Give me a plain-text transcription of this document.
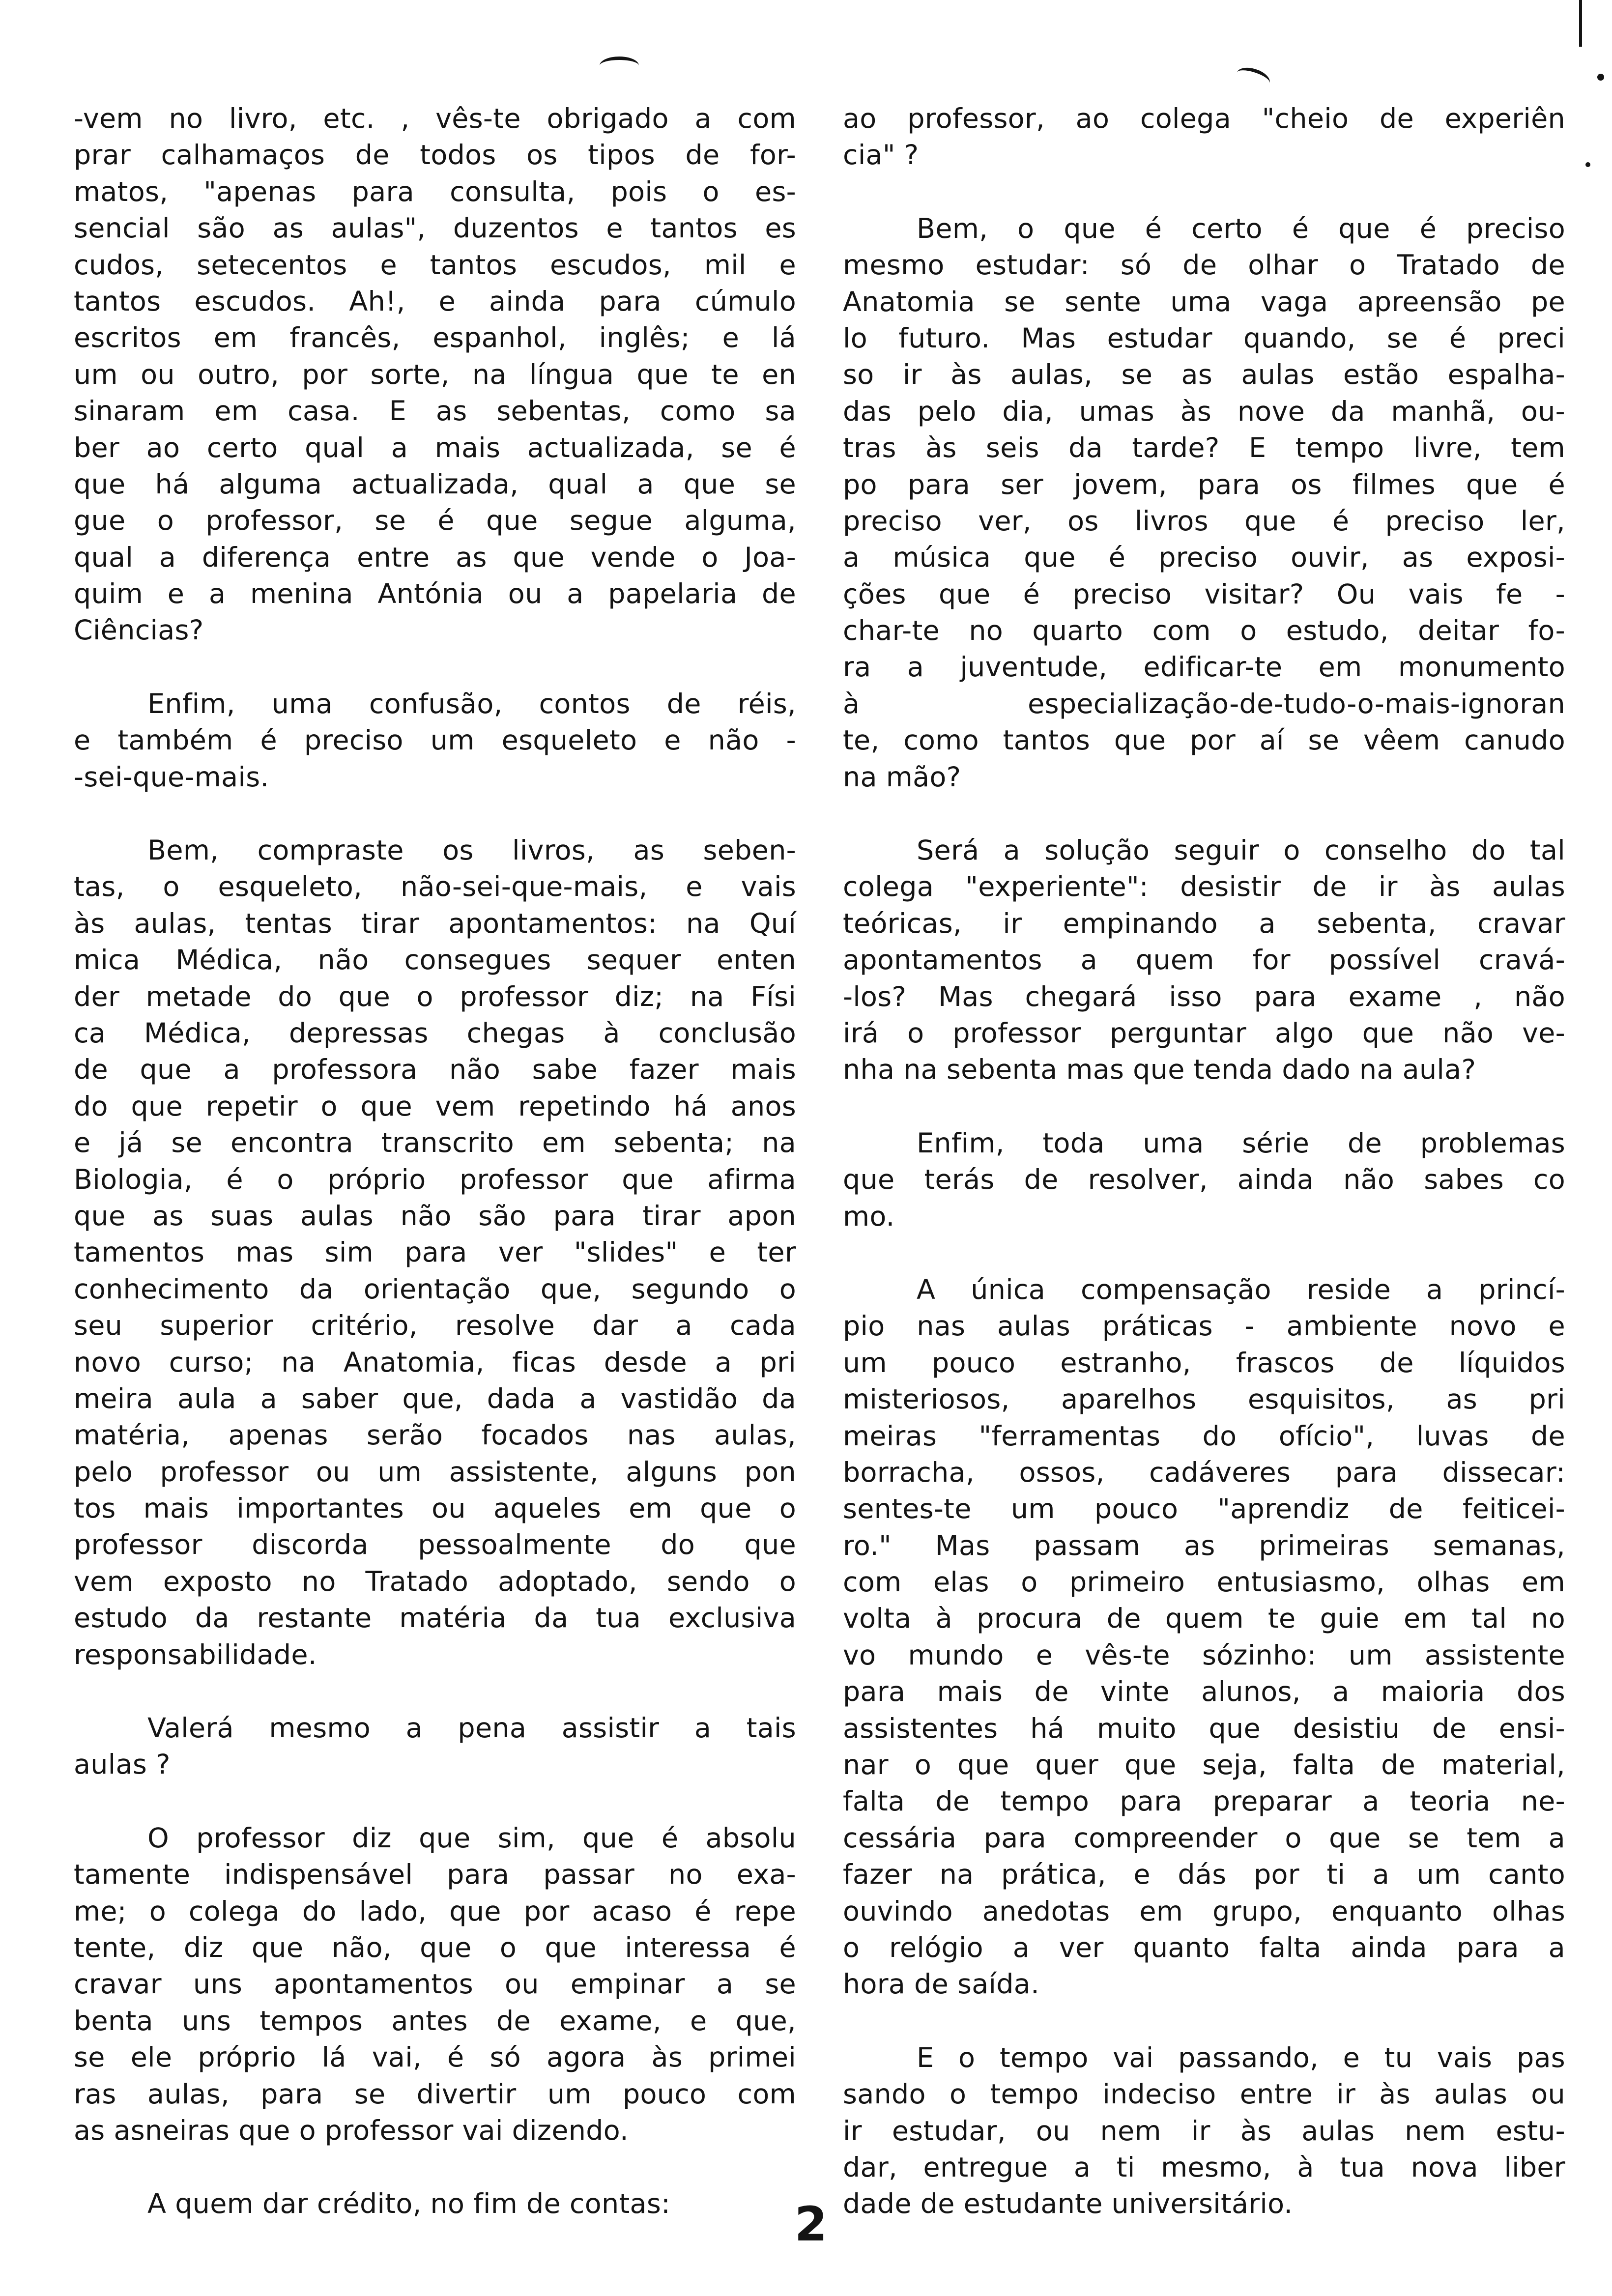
-vem no livro, etc. , vês-te obrigado a com
prar calhamaços de todos os tipos de for-
matos, "apenas para consulta, pois o es-
sencial são as aulas", duzentos e tantos es
cudos, setecentos e tantos escudos, mil e
tantos escudos. Ah!, e ainda para cúmulo
escritos em francês, espanhol, inglês; e lá
um ou outro, por sorte, na língua que te en
sinaram em casa. E as sebentas, como sa
ber ao certo qual a mais actualizada, se é
que há alguma actualizada, qual a que se
gue o professor, se é que segue alguma,
qual a diferença entre as que vende o Joa-
quim e a menina Antónia ou a papelaria de
Ciências?
Enfim, uma confusão, contos de réis,
e também é preciso um esqueleto e não -
-sei-que-mais.
Bem, compraste os livros, as seben-
tas, o esqueleto, não-sei-que-mais, e vais
às aulas, tentas tirar apontamentos: na Quí
mica Médica, não consegues sequer enten
der metade do que o professor diz; na Físi
ca Médica, depressas chegas à conclusão
de que a professora não sabe fazer mais
do que repetir o que vem repetindo há anos
e já se encontra transcrito em sebenta; na
Biologia, é o próprio professor que afirma
que as suas aulas não são para tirar apon
tamentos mas sim para ver "slides" e ter
conhecimento da orientação que, segundo o
seu superior critério, resolve dar a cada
novo curso; na Anatomia, ficas desde a pri
meira aula a saber que, dada a vastidão da
matéria, apenas serão focados nas aulas,
pelo professor ou um assistente, alguns pon
tos mais importantes ou aqueles em que o
professor discorda pessoalmente do que
vem exposto no Tratado adoptado, sendo o
estudo da restante matéria da tua exclusiva
responsabilidade.
Valerá mesmo a pena assistir a tais
aulas ?
O professor diz que sim, que é absolu
tamente indispensável para passar no exa-
me; o colega do lado, que por acaso é repe
tente, diz que não, que o que interessa é
cravar uns apontamentos ou empinar a se
benta uns tempos antes de exame, e que,
se ele próprio lá vai, é só agora às primei
ras aulas, para se divertir um pouco com
as asneiras que o professor vai dizendo.
A quem dar crédito, no fim de contas:
ao professor, ao colega "cheio de experiên
cia" ?
Bem, o que é certo é que é preciso
mesmo estudar: só de olhar o Tratado de
Anatomia se sente uma vaga apreensão pe
lo futuro. Mas estudar quando, se é preci
so ir às aulas, se as aulas estão espalha-
das pelo dia, umas às nove da manhã, ou-
tras às seis da tarde? E tempo livre, tem
po para ser jovem, para os filmes que é
preciso ver, os livros que é preciso ler,
a música que é preciso ouvir, as exposi-
ções que é preciso visitar? Ou vais fe -
char-te no quarto com o estudo, deitar fo-
ra a juventude, edificar-te em monumento
à especialização-de-tudo-o-mais-ignoran
te, como tantos que por aí se vêem canudo
na mão?
Será a solução seguir o conselho do tal
colega "experiente": desistir de ir às aulas
teóricas, ir empinando a sebenta, cravar
apontamentos a quem for possível cravá-
-los? Mas chegará isso para exame , não
irá o professor perguntar algo que não ve-
nha na sebenta mas que tenda dado na aula?
Enfim, toda uma série de problemas
que terás de resolver, ainda não sabes co
mo.
A única compensação reside a princí-
pio nas aulas práticas - ambiente novo e
um pouco estranho, frascos de líquidos
misteriosos, aparelhos esquisitos, as pri
meiras "ferramentas do ofício", luvas de
borracha, ossos, cadáveres para dissecar:
sentes-te um pouco "aprendiz de feiticei-
ro." Mas passam as primeiras semanas,
com elas o primeiro entusiasmo, olhas em
volta à procura de quem te guie em tal no
vo mundo e vês-te sózinho: um assistente
para mais de vinte alunos, a maioria dos
assistentes há muito que desistiu de ensi-
nar o que quer que seja, falta de material,
falta de tempo para preparar a teoria ne-
cessária para compreender o que se tem a
fazer na prática, e dás por ti a um canto
ouvindo anedotas em grupo, enquanto olhas
o relógio a ver quanto falta ainda para a
hora de saída.
E o tempo vai passando, e tu vais pas
sando o tempo indeciso entre ir às aulas ou
ir estudar, ou nem ir às aulas nem estu-
dar, entregue a ti mesmo, à tua nova liber
dade de estudante universitário.
2
